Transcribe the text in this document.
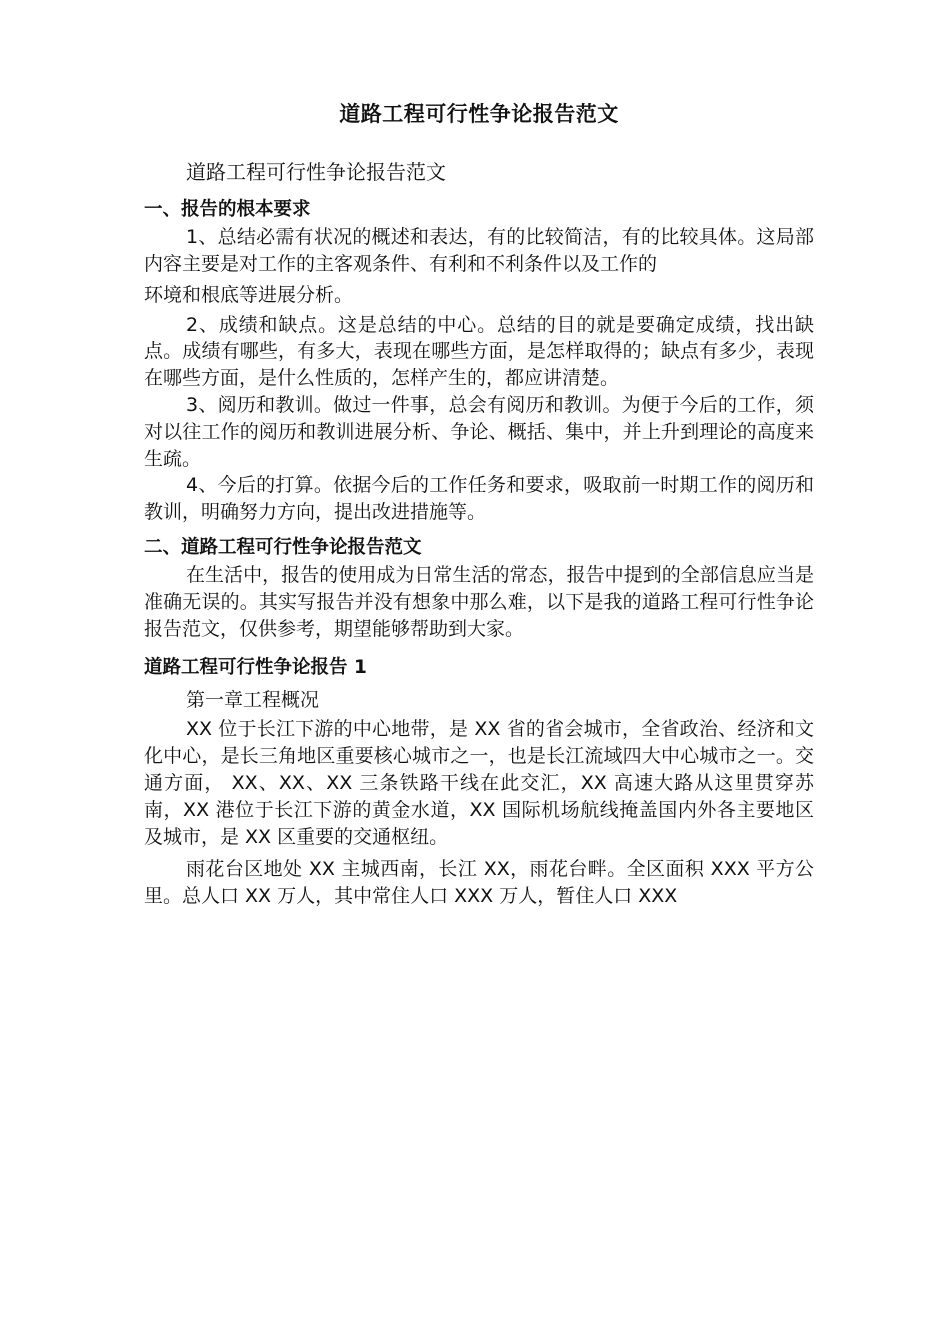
道路工程可行性争论报告范文

道路工程可行性争论报告范文

一、报告的根本要求

1、总结必需有状况的概述和表达，有的比较简洁，有的比较具体。这局部内容主要是对工作的主客观条件、有利和不利条件以及工作的

环境和根底等进展分析。

2、成绩和缺点。这是总结的中心。总结的目的就是要确定成绩，找出缺点。成绩有哪些，有多大，表现在哪些方面，是怎样取得的；缺点有多少，表现在哪些方面，是什么性质的，怎样产生的，都应讲清楚。

3、阅历和教训。做过一件事，总会有阅历和教训。为便于今后的工作，须对以往工作的阅历和教训进展分析、争论、概括、集中，并上升到理论的高度来生疏。

4、今后的打算。依据今后的工作任务和要求，吸取前一时期工作的阅历和教训，明确努力方向，提出改进措施等。

二、道路工程可行性争论报告范文

在生活中，报告的使用成为日常生活的常态，报告中提到的全部信息应当是准确无误的。其实写报告并没有想象中那么难，以下是我的道路工程可行性争论报告范文，仅供参考，期望能够帮助到大家。

道路工程可行性争论报告 1

第一章工程概况

XX 位于长江下游的中心地带，是 XX 省的省会城市，全省政治、经济和文化中心，是长三角地区重要核心城市之一，也是长江流域四大中心城市之一。交通方面， XX、XX、XX 三条铁路干线在此交汇，XX 高速大路从这里贯穿苏南，XX 港位于长江下游的黄金水道，XX 国际机场航线掩盖国内外各主要地区及城市，是 XX 区重要的交通枢纽。

雨花台区地处 XX 主城西南，长江 XX，雨花台畔。全区面积 XXX 平方公里。总人口 XX 万人，其中常住人口 XXX 万人，暂住人口 XXX
